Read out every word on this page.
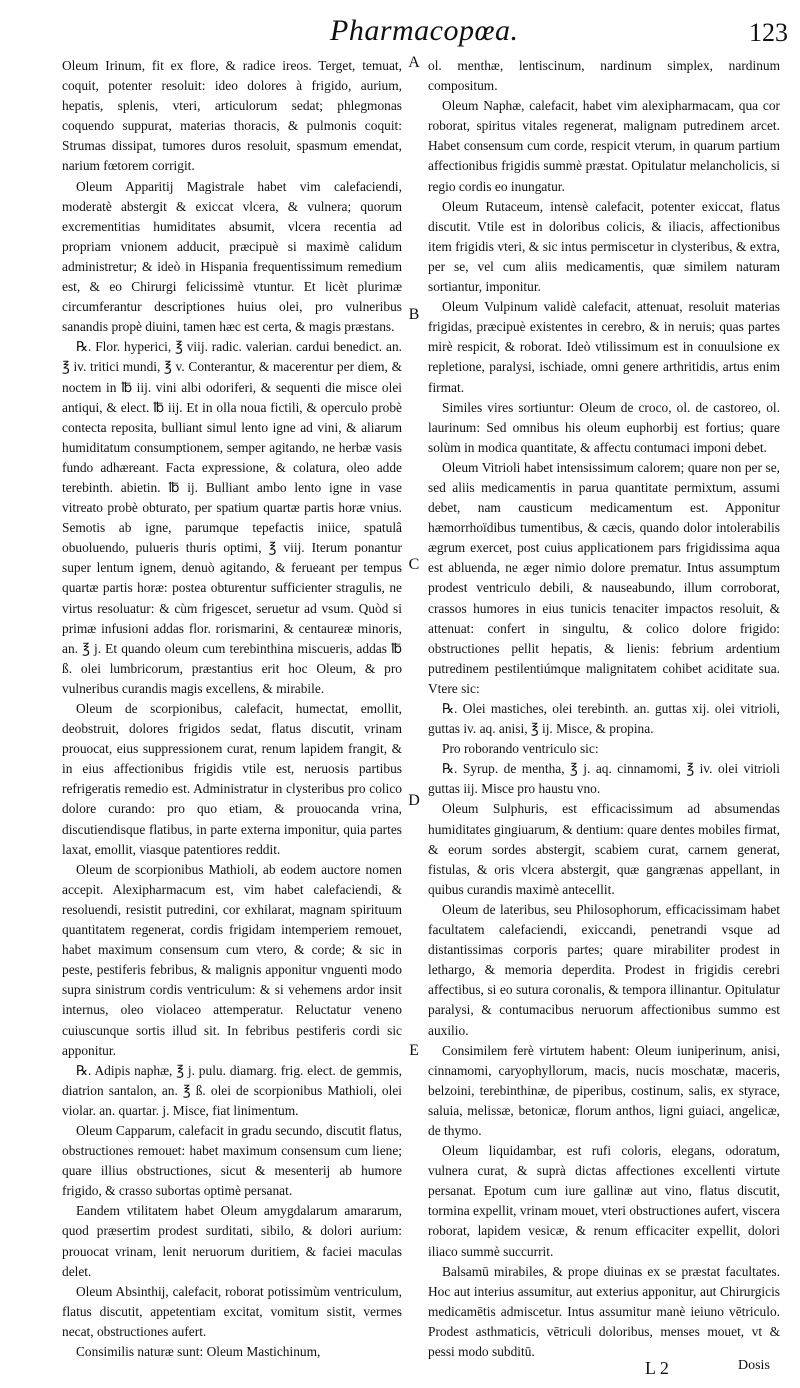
Pharmacopœa.	123

Oleum Irinum, fit ex flore, & radice ireos. Terget, temuat, coquit, potenter resoluit: ideo dolores à frigido, aurium, hepatis, splenis, vteri, articulorum sedat; phlegmonas coquendo suppurat, materias thoracis, & pulmonis coquit: Strumas dissipat, tumores duros resoluit, spasmum emendat, narium fœtorem corrigit.

Oleum Apparitij Magistrale habet vim calefaciendi, moderatè abstergit & exiccat vlcera, & vulnera; quorum excrementitias humiditates absumit, vlcera recentia ad propriam vnionem adducit, præcipuè si maximè calidum administretur; & ideò in Hispania frequentissimum remedium est, & eo Chirurgi felicissimè vtuntur. Et licèt plurimæ circumferantur descriptiones huius olei, pro vulneribus sanandis propè diuini, tamen hæc est certa, & magis præstans.

℞. Flor. hyperici, ℥ viij. radic. valerian. cardui benedict. an. ℥ iv. tritici mundi, ℥ v. Conterantur, & macerentur per diem, & noctem in ℔ iij. vini albi odoriferi, & sequenti die misce olei antiqui, & elect. ℔ iij. Et in olla noua fictili, & operculo probè contecta reposita, bulliant simul lento igne ad vini, & aliarum humiditatum consumptionem, semper agitando, ne herbæ vasis fundo adhæreant. Facta expressione, & colatura, oleo adde terebinth. abietin. ℔ ij. Bulliant ambo lento igne in vase vitreato probè obturato, per spatium quartæ partis horæ vnius. Semotis ab igne, parumque tepefactis iniice, spatulâ obuoluendo, pulueris thuris optimi, ℥ viij. Iterum ponantur super lentum ignem, denuò agitando, & ferueant per tempus quartæ partis horæ: postea obturentur sufficienter stragulis, ne virtus resoluatur: & cùm frigescet, seruetur ad vsum. Quòd si primæ infusioni addas flor. rorismarini, & centaureæ minoris, an. ℥ j. Et quando oleum cum terebinthina miscueris, addas ℔ ß. olei lumbricorum, præstantius erit hoc Oleum, & pro vulneribus curandis magis excellens, & mirabile.

Oleum de scorpionibus, calefacit, humectat, emollit, deobstruit, dolores frigidos sedat, flatus discutit, vrinam prouocat, eius suppressionem curat, renum lapidem frangit, & in eius affectionibus frigidis vtile est, neruosis partibus refrigeratis remedio est. Administratur in clysteribus pro colico dolore curando: pro quo etiam, & prouocanda vrina, discutiendisque flatibus, in parte externa imponitur, quia partes laxat, emollit, viasque patentiores reddit.

Oleum de scorpionibus Mathioli, ab eodem auctore nomen accepit. Alexipharmacum est, vim habet calefaciendi, & resoluendi, resistit putredini, cor exhilarat, magnam spirituum quantitatem regenerat, cordis frigidam intemperiem remouet, habet maximum consensum cum vtero, & corde; & sic in peste, pestiferis febribus, & malignis apponitur vnguenti modo supra sinistrum cordis ventriculum: & si vehemens ardor insit internus, oleo violaceo attemperatur. Reluctatur veneno cuiuscunque sortis illud sit. In febribus pestiferis cordi sic apponitur.

℞. Adipis naphæ, ℥ j. pulu. diamarg. frig. elect. de gemmis, diatrion santalon, an. ℥ ß. olei de scorpionibus Mathioli, olei violar. an. quartar. j. Misce, fiat linimentum.

Oleum Capparum, calefacit in gradu secundo, discutit flatus, obstructiones remouet: habet maximum consensum cum liene; quare illius obstructiones, sicut & mesenterij ab humore frigido, & crasso subortas optimè persanat.

Eandem vtilitatem habet Oleum amygdalarum amararum, quod præsertim prodest surditati, sibilo, & dolori aurium: prouocat vrinam, lenit neruorum duritiem, & faciei maculas delet.

Oleum Absinthij, calefacit, roborat potissimùm ventriculum, flatus discutit, appetentiam excitat, vomitum sistit, vermes necat, obstructiones aufert.

Consimilis naturæ sunt: Oleum Mastichinum,

A
B
C
D
E

ol. menthæ, lentiscinum, nardinum simplex, nardinum compositum.

Oleum Naphæ, calefacit, habet vim alexipharmacam, qua cor roborat, spiritus vitales regenerat, malignam putredinem arcet. Habet consensum cum corde, respicit vterum, in quarum partium affectionibus frigidis summè præstat. Opitulatur melancholicis, si regio cordis eo inungatur.

Oleum Rutaceum, intensè calefacit, potenter exiccat, flatus discutit. Vtile est in doloribus colicis, & iliacis, affectionibus item frigidis vteri, & sic intus permiscetur in clysteribus, & extra, per se, vel cum aliis medicamentis, quæ similem naturam sortiantur, imponitur.

Oleum Vulpinum validè calefacit, attenuat, resoluit materias frigidas, præcipuè existentes in cerebro, & in neruis; quas partes mirè respicit, & roborat. Ideò vtilissimum est in conuulsione ex repletione, paralysi, ischiade, omni genere arthritidis, artus enim firmat.

Similes vires sortiuntur: Oleum de croco, ol. de castoreo, ol. laurinum: Sed omnibus his oleum euphorbij est fortius; quare solùm in modica quantitate, & affectu contumaci imponi debet.

Oleum Vitrioli habet intensissimum calorem; quare non per se, sed aliis medicamentis in parua quantitate permixtum, assumi debet, nam causticum medicamentum est. Apponitur hæmorrhoïdibus tumentibus, & cæcis, quando dolor intolerabilis ægrum exercet, post cuius applicationem pars frigidissima aqua est abluenda, ne æger nimio dolore prematur. Intus assumptum prodest ventriculo debili, & nauseabundo, illum corroborat, crassos humores in eius tunicis tenaciter impactos resoluit, & attenuat: confert in singultu, & colico dolore frigido: obstructiones pellit hepatis, & lienis: febrium ardentium putredinem pestilentiúmque malignitatem cohibet aciditate sua. Vtere sic:

℞. Olei mastiches, olei terebinth. an. guttas xij. olei vitrioli, guttas iv. aq. anisi, ℥ ij. Misce, & propina.

Pro roborando ventriculo sic:

℞. Syrup. de mentha, ℥ j. aq. cinnamomi, ℥ iv. olei vitrioli guttas iij. Misce pro haustu vno.

Oleum Sulphuris, est efficacissimum ad absumendas humiditates gingiuarum, & dentium: quare dentes mobiles firmat, & eorum sordes abstergit, scabiem curat, carnem generat, fistulas, & oris vlcera abstergit, quæ gangrænas appellant, in quibus curandis maximè antecellit.

Oleum de lateribus, seu Philosophorum, efficacissimam habet facultatem calefaciendi, exiccandi, penetrandi vsque ad distantissimas corporis partes; quare mirabiliter prodest in lethargo, & memoria deperdita. Prodest in frigidis cerebri affectibus, si eo sutura coronalis, & tempora illinantur. Opitulatur paralysi, & contumacibus neruorum affectionibus summo est auxilio.

Consimilem ferè virtutem habent: Oleum iuniperinum, anisi, cinnamomi, caryophyllorum, macis, nucis moschatæ, maceris, belzoini, terebinthinæ, de piperibus, costinum, salis, ex styrace, saluia, melissæ, betonicæ, florum anthos, ligni guiaci, angelicæ, de thymo.

Oleum liquidambar, est rufi coloris, elegans, odoratum, vulnera curat, & suprà dictas affectiones excellenti virtute persanat. Epotum cum iure gallinæ aut vino, flatus discutit, tormina expellit, vrinam mouet, vteri obstructiones aufert, viscera roborat, lapidem vesicæ, & renum efficaciter expellit, dolori iliaco summè succurrit.

Balsamū mirabiles, & prope diuinas ex se præstat facultates. Hoc aut interius assumitur, aut exterius apponitur, aut Chirurgicis medicamētis admiscetur. Intus assumitur manè ieiuno vētriculo. Prodest asthmaticis, vētriculi doloribus, menses mouet, vt & pessi modo subditū.

L 2	Dosis
